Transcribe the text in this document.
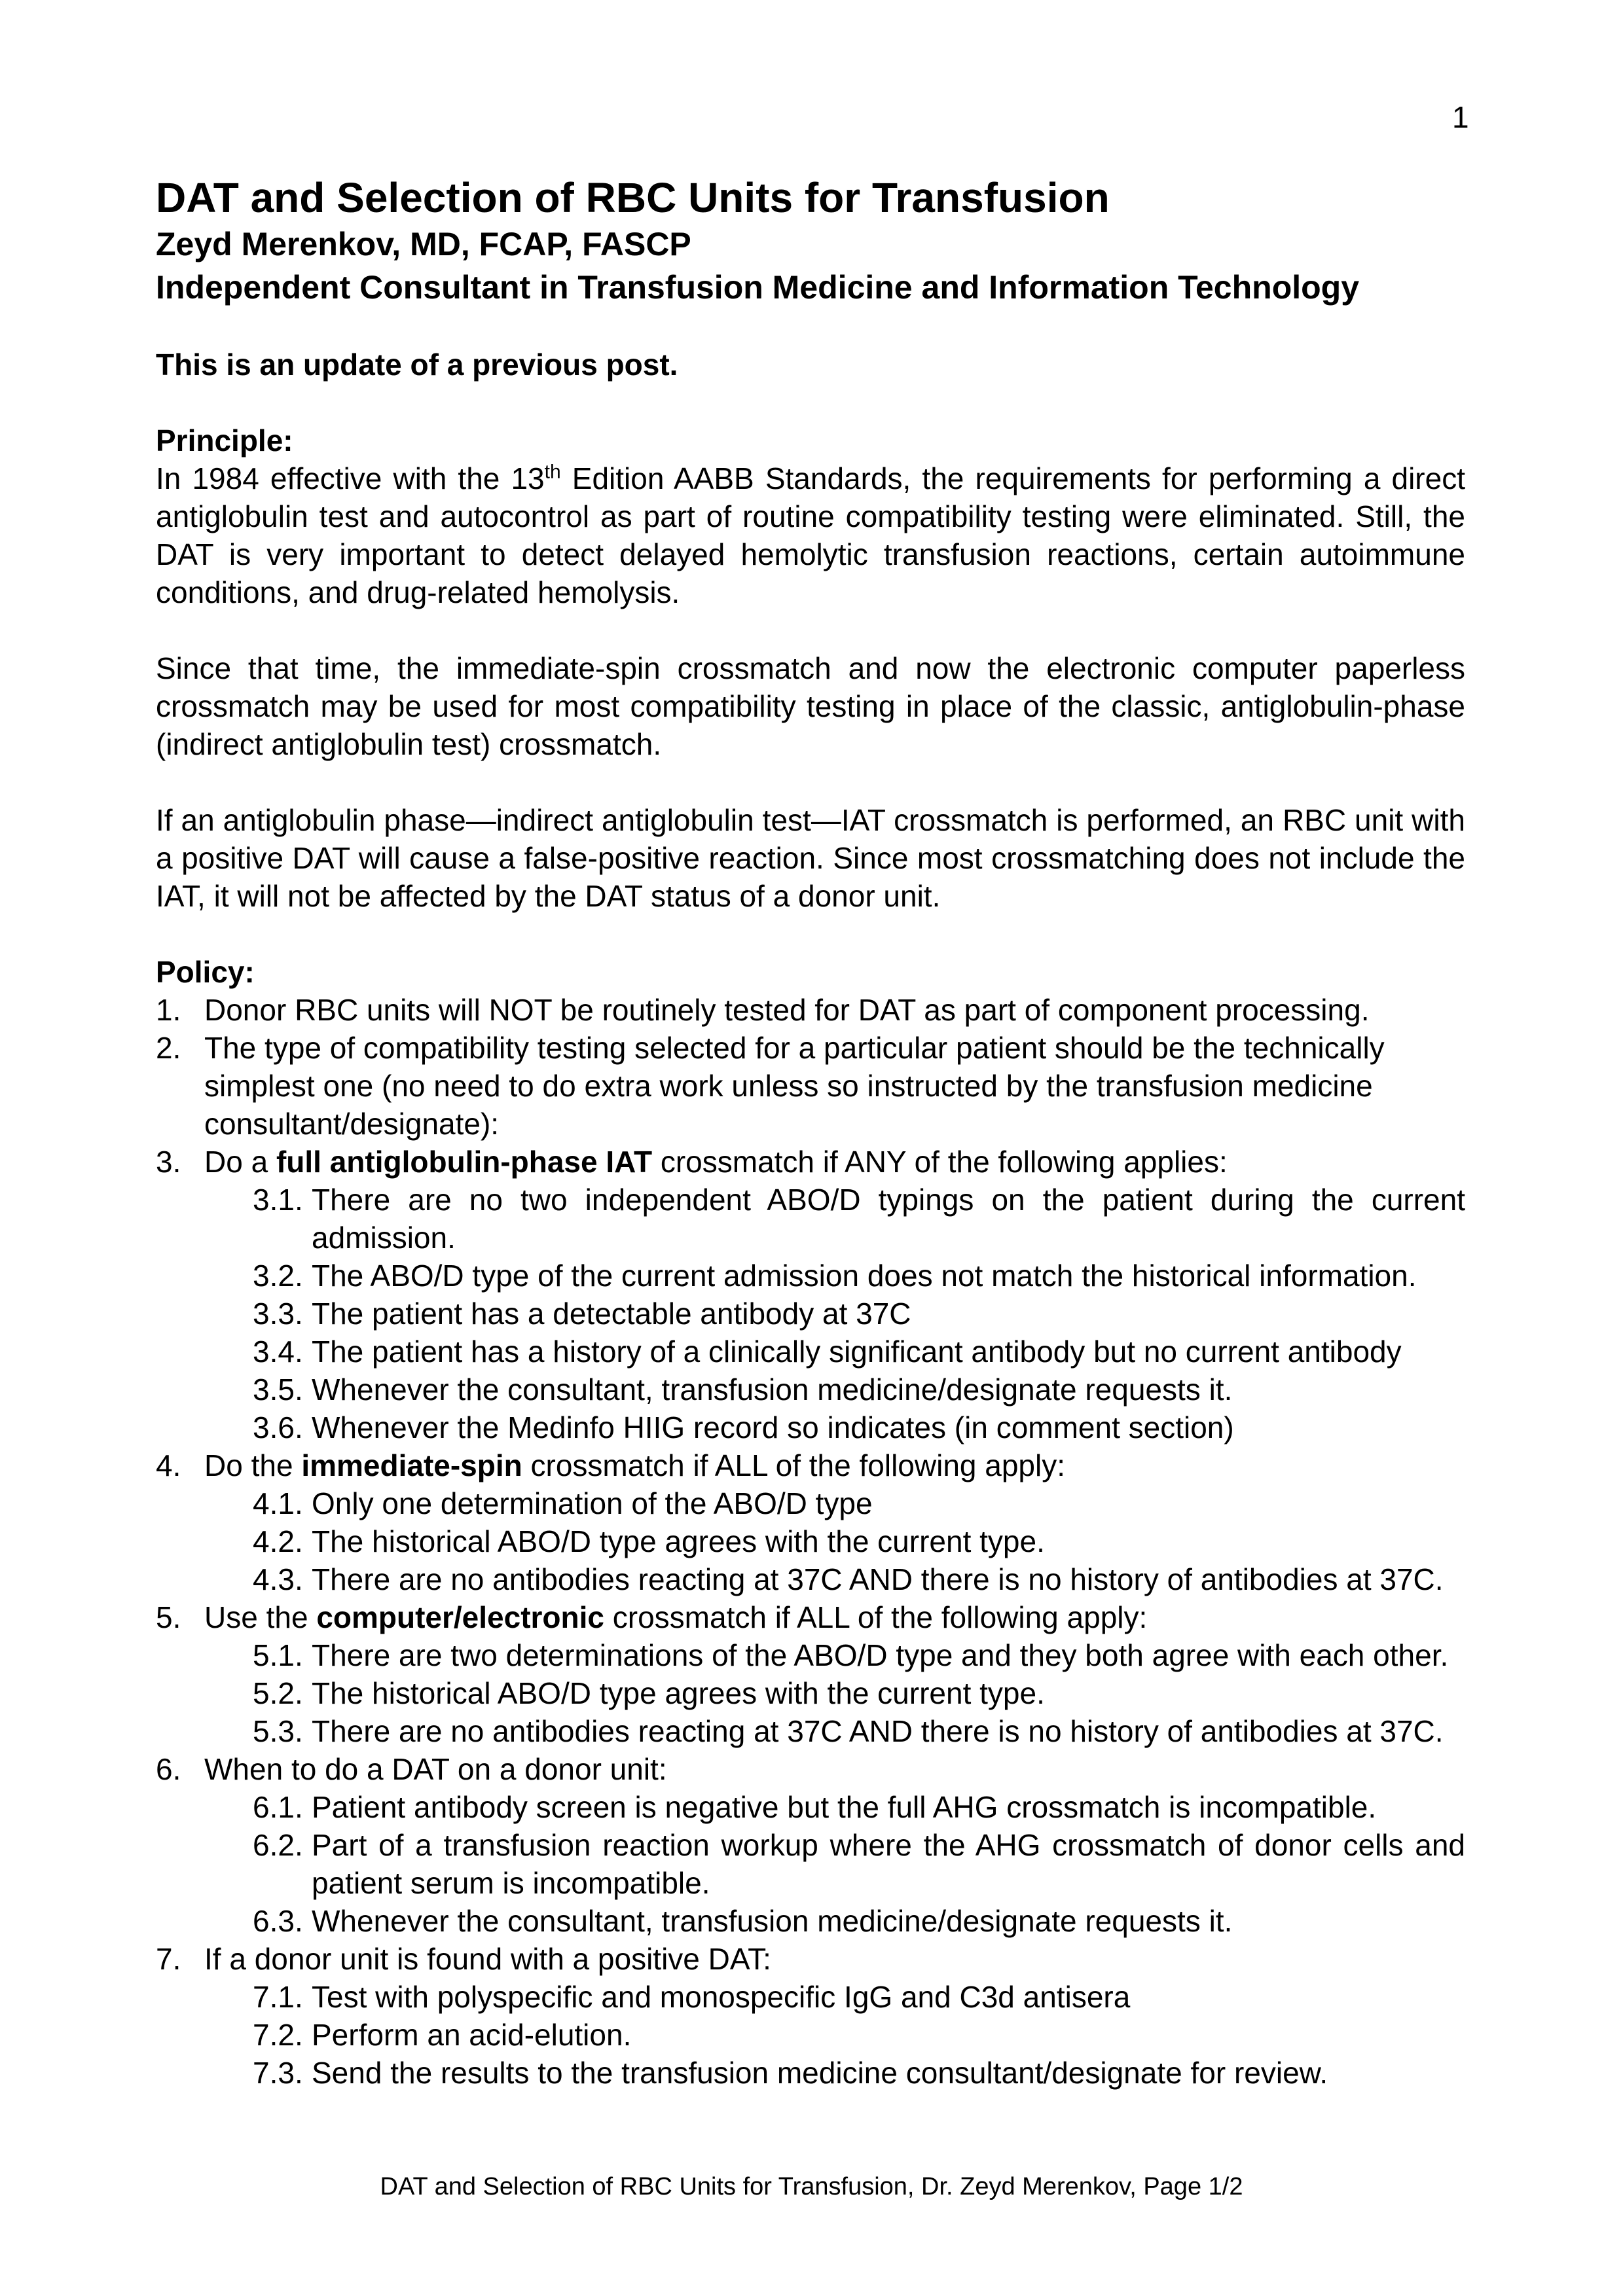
1
DAT and Selection of RBC Units for Transfusion

Zeyd Merenkov, MD, FCAP, FASCP

Independent Consultant in Transfusion Medicine and Information Technology

This is an update of a previous post.

Principle:

In 1984 effective with the 13th Edition AABB Standards, the requirements for performing a direct antiglobulin test and autocontrol as part of routine compatibility testing were eliminated. Still, the DAT is very important to detect delayed hemolytic transfusion reactions, certain autoimmune conditions, and drug-related hemolysis.

Since that time, the immediate-spin crossmatch and now the electronic computer paperless crossmatch may be used for most compatibility testing in place of the classic, antiglobulin-phase (indirect antiglobulin test) crossmatch.

If an antiglobulin phase—indirect antiglobulin test—IAT crossmatch is performed, an RBC unit with a positive DAT will cause a false-positive reaction. Since most crossmatching does not include the IAT, it will not be affected by the DAT status of a donor unit.

Policy:

1. Donor RBC units will NOT be routinely tested for DAT as part of component processing.
2. The type of compatibility testing selected for a particular patient should be the technically simplest one (no need to do extra work unless so instructed by the transfusion medicine consultant/designate):
3. Do a full antiglobulin-phase IAT crossmatch if ANY of the following applies:
3.1. There are no two independent ABO/D typings on the patient during the current admission.
3.2. The ABO/D type of the current admission does not match the historical information.
3.3. The patient has a detectable antibody at 37C
3.4. The patient has a history of a clinically significant antibody but no current antibody
3.5. Whenever the consultant, transfusion medicine/designate requests it.
3.6. Whenever the Medinfo HIIG record so indicates (in comment section)
4. Do the immediate-spin crossmatch if ALL of the following apply:
4.1. Only one determination of the ABO/D type
4.2. The historical ABO/D type agrees with the current type.
4.3. There are no antibodies reacting at 37C AND there is no history of antibodies at 37C.
5. Use the computer/electronic crossmatch if ALL of the following apply:
5.1. There are two determinations of the ABO/D type and they both agree with each other.
5.2. The historical ABO/D type agrees with the current type.
5.3. There are no antibodies reacting at 37C AND there is no history of antibodies at 37C.
6. When to do a DAT on a donor unit:
6.1. Patient antibody screen is negative but the full AHG crossmatch is incompatible.
6.2. Part of a transfusion reaction workup where the AHG crossmatch of donor cells and patient serum is incompatible.
6.3. Whenever the consultant, transfusion medicine/designate requests it.
7. If a donor unit is found with a positive DAT:
7.1. Test with polyspecific and monospecific IgG and C3d antisera
7.2. Perform an acid-elution.
7.3. Send the results to the transfusion medicine consultant/designate for review.
DAT and Selection of RBC Units for Transfusion, Dr. Zeyd Merenkov, Page 1/2
